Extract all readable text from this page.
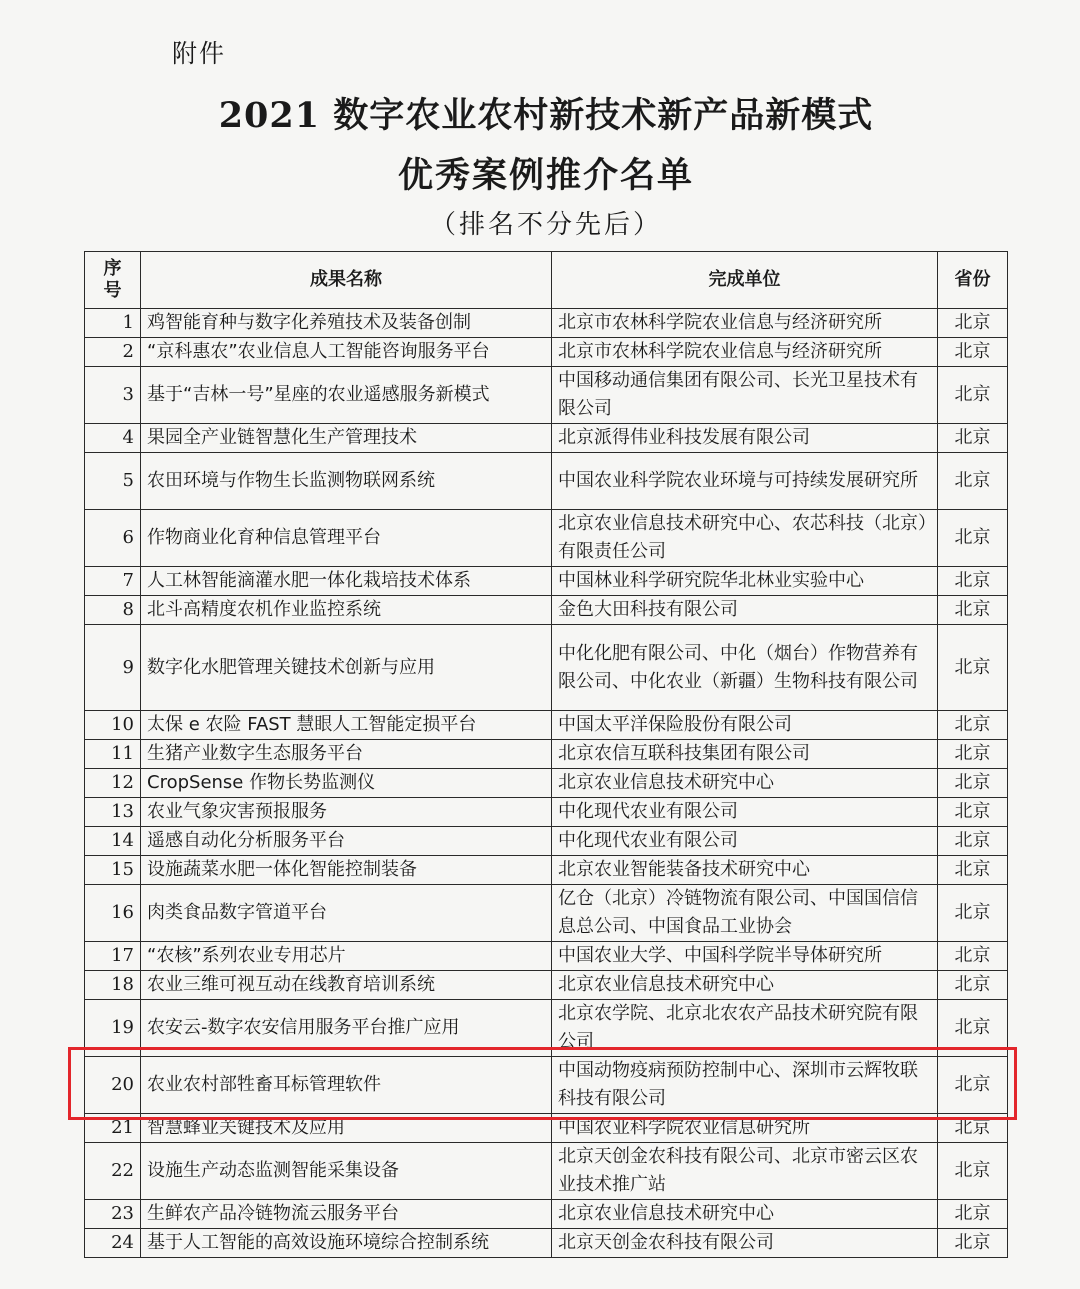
附件
2021 数字农业农村新技术新产品新模式
优秀案例推介名单
（排名不分先后）
序号	成果名称	完成单位	省份
1	鸡智能育种与数字化养殖技术及装备创制	北京市农林科学院农业信息与经济研究所	北京
2	“京科惠农”农业信息人工智能咨询服务平台	北京市农林科学院农业信息与经济研究所	北京
3	基于“吉林一号”星座的农业遥感服务新模式	中国移动通信集团有限公司、长光卫星技术有限公司	北京
4	果园全产业链智慧化生产管理技术	北京派得伟业科技发展有限公司	北京
5	农田环境与作物生长监测物联网系统	中国农业科学院农业环境与可持续发展研究所	北京
6	作物商业化育种信息管理平台	北京农业信息技术研究中心、农芯科技（北京）有限责任公司	北京
7	人工林智能滴灌水肥一体化栽培技术体系	中国林业科学研究院华北林业实验中心	北京
8	北斗高精度农机作业监控系统	金色大田科技有限公司	北京
9	数字化水肥管理关键技术创新与应用	中化化肥有限公司、中化（烟台）作物营养有限公司、中化农业（新疆）生物科技有限公司	北京
10	太保 e 农险 FAST 慧眼人工智能定损平台	中国太平洋保险股份有限公司	北京
11	生猪产业数字生态服务平台	北京农信互联科技集团有限公司	北京
12	CropSense 作物长势监测仪	北京农业信息技术研究中心	北京
13	农业气象灾害预报服务	中化现代农业有限公司	北京
14	遥感自动化分析服务平台	中化现代农业有限公司	北京
15	设施蔬菜水肥一体化智能控制装备	北京农业智能装备技术研究中心	北京
16	肉类食品数字管道平台	亿仓（北京）冷链物流有限公司、中国国信信息总公司、中国食品工业协会	北京
17	“农核”系列农业专用芯片	中国农业大学、中国科学院半导体研究所	北京
18	农业三维可视互动在线教育培训系统	北京农业信息技术研究中心	北京
19	农安云-数字农安信用服务平台推广应用	北京农学院、北京北农农产品技术研究院有限公司	北京
20	农业农村部牲畜耳标管理软件	中国动物疫病预防控制中心、深圳市云辉牧联科技有限公司	北京
21	智慧蜂业关键技术及应用	中国农业科学院农业信息研究所	北京
22	设施生产动态监测智能采集设备	北京天创金农科技有限公司、北京市密云区农业技术推广站	北京
23	生鲜农产品冷链物流云服务平台	北京农业信息技术研究中心	北京
24	基于人工智能的高效设施环境综合控制系统	北京天创金农科技有限公司	北京
